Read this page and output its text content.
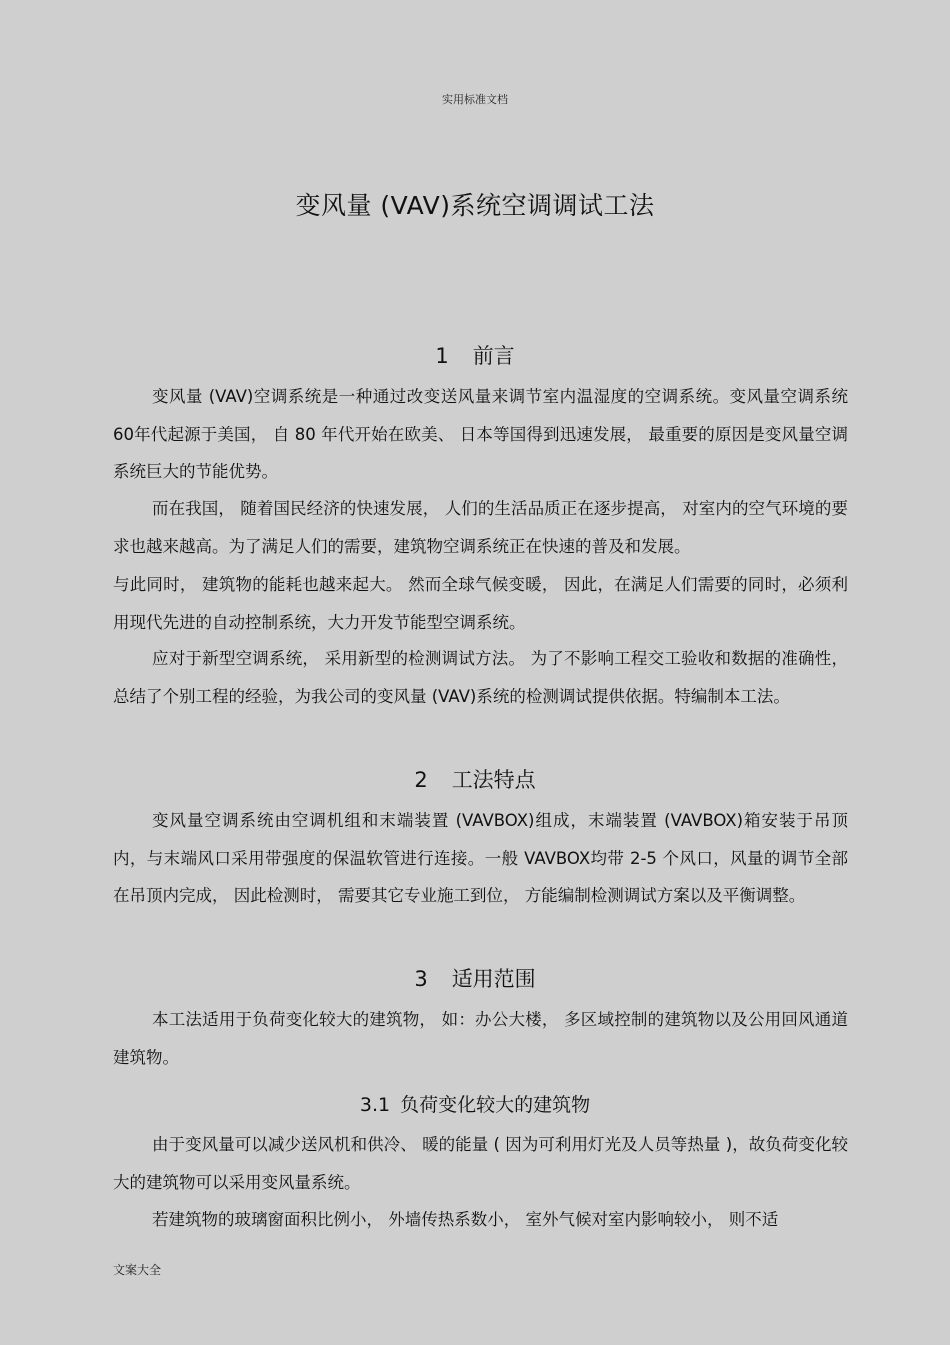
实用标准文档
变风量 (VAV)系统空调调试工法
1 前言

变风量 (VAV)空调系统是一种通过改变送风量来调节室内温湿度的空调系统。变风量空调系统 60年代起源于美国， 自 80 年代开始在欧美、 日本等国得到迅速发展， 最重要的原因是变风量空调系统巨大的节能优势。

而在我国， 随着国民经济的快速发展， 人们的生活品质正在逐步提高， 对室内的空气环境的要求也越来越高。为了满足人们的需要，建筑物空调系统正在快速的普及和发展。

与此同时， 建筑物的能耗也越来起大。 然而全球气候变暖， 因此，在满足人们需要的同时，必须利用现代先进的自动控制系统，大力开发节能型空调系统。

应对于新型空调系统， 采用新型的检测调试方法。 为了不影响工程交工验收和数据的准确性，总结了个别工程的经验，为我公司的变风量 (VAV)系统的检测调试提供依据。特编制本工法。

2 工法特点

变风量空调系统由空调机组和末端装置 (VAVBOX)组成，末端装置 (VAVBOX)箱安装于吊顶内，与末端风口采用带强度的保温软管进行连接。一般 VAVBOX均带 2-5 个风口，风量的调节全部在吊顶内完成， 因此检测时， 需要其它专业施工到位， 方能编制检测调试方案以及平衡调整。

3 适用范围

本工法适用于负荷变化较大的建筑物， 如：办公大楼， 多区域控制的建筑物以及公用回风通道建筑物。

3.1 负荷变化较大的建筑物

由于变风量可以减少送风机和供冷、 暖的能量 ( 因为可利用灯光及人员等热量 )，故负荷变化较大的建筑物可以采用变风量系统。

若建筑物的玻璃窗面积比例小， 外墙传热系数小， 室外气候对室内影响较小， 则不适

文案大全
